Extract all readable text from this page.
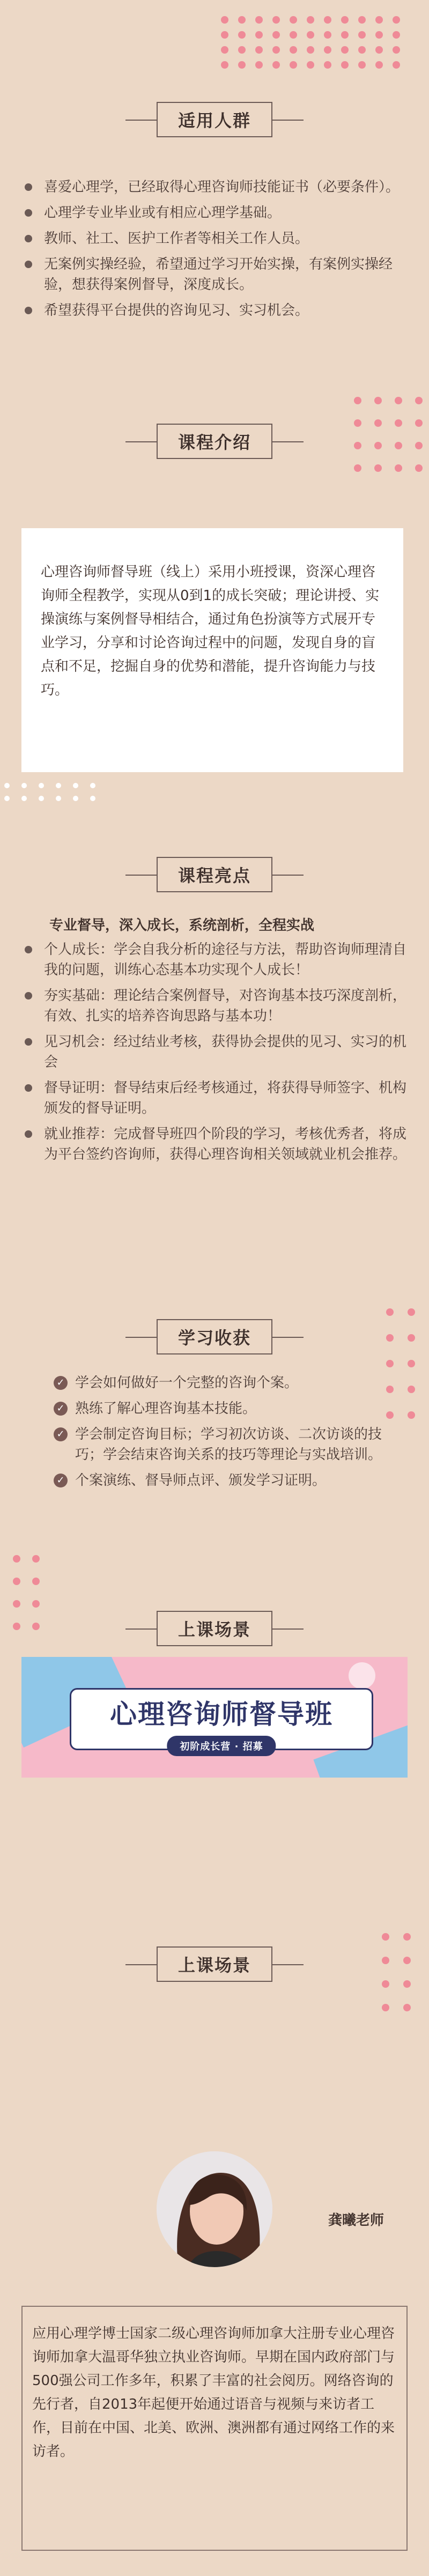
适用人群
喜爱心理学，已经取得心理咨询师技能证书（必要条件）。
心理学专业毕业或有相应心理学基础。
教师、社工、医护工作者等相关工作人员。
无案例实操经验，希望通过学习开始实操，有案例实操经验，想获得案例督导，深度成长。
希望获得平台提供的咨询见习、实习机会。
课程介绍
心理咨询师督导班（线上）采用小班授课，资深心理咨询师全程教学，实现从0到1的成长突破；理论讲授、实操演练与案例督导相结合，通过角色扮演等方式展开专业学习，分享和讨论咨询过程中的问题，发现自身的盲点和不足，挖掘自身的优势和潜能，提升咨询能力与技巧。
课程亮点
专业督导，深入成长，系统剖析，全程实战
个人成长：学会自我分析的途径与方法，帮助咨询师理清自我的问题，训练心态基本功实现个人成长！
夯实基础：理论结合案例督导，对咨询基本技巧深度剖析，有效、扎实的培养咨询思路与基本功！
见习机会：经过结业考核，获得协会提供的见习、实习的机会
督导证明：督导结束后经考核通过，将获得导师签字、机构颁发的督导证明。
就业推荐：完成督导班四个阶段的学习，考核优秀者，将成为平台签约咨询师，获得心理咨询相关领域就业机会推荐。
学习收获
✓ 学会如何做好一个完整的咨询个案。
✓ 熟练了解心理咨询基本技能。
✓ 学会制定咨询目标；学习初次访谈、二次访谈的技巧；学会结束咨询关系的技巧等理论与实战培训。
✓ 个案演练、督导师点评、颁发学习证明。
上课场景
心理咨询师督导班
初阶成长营 · 招募
上课场景
龚曦老师
应用心理学博士国家二级心理咨询师加拿大注册专业心理咨询师加拿大温哥华独立执业咨询师。早期在国内政府部门与500强公司工作多年，积累了丰富的社会阅历。网络咨询的先行者，自2013年起便开始通过语音与视频与来访者工作，目前在中国、北美、欧洲、澳洲都有通过网络工作的来访者。
